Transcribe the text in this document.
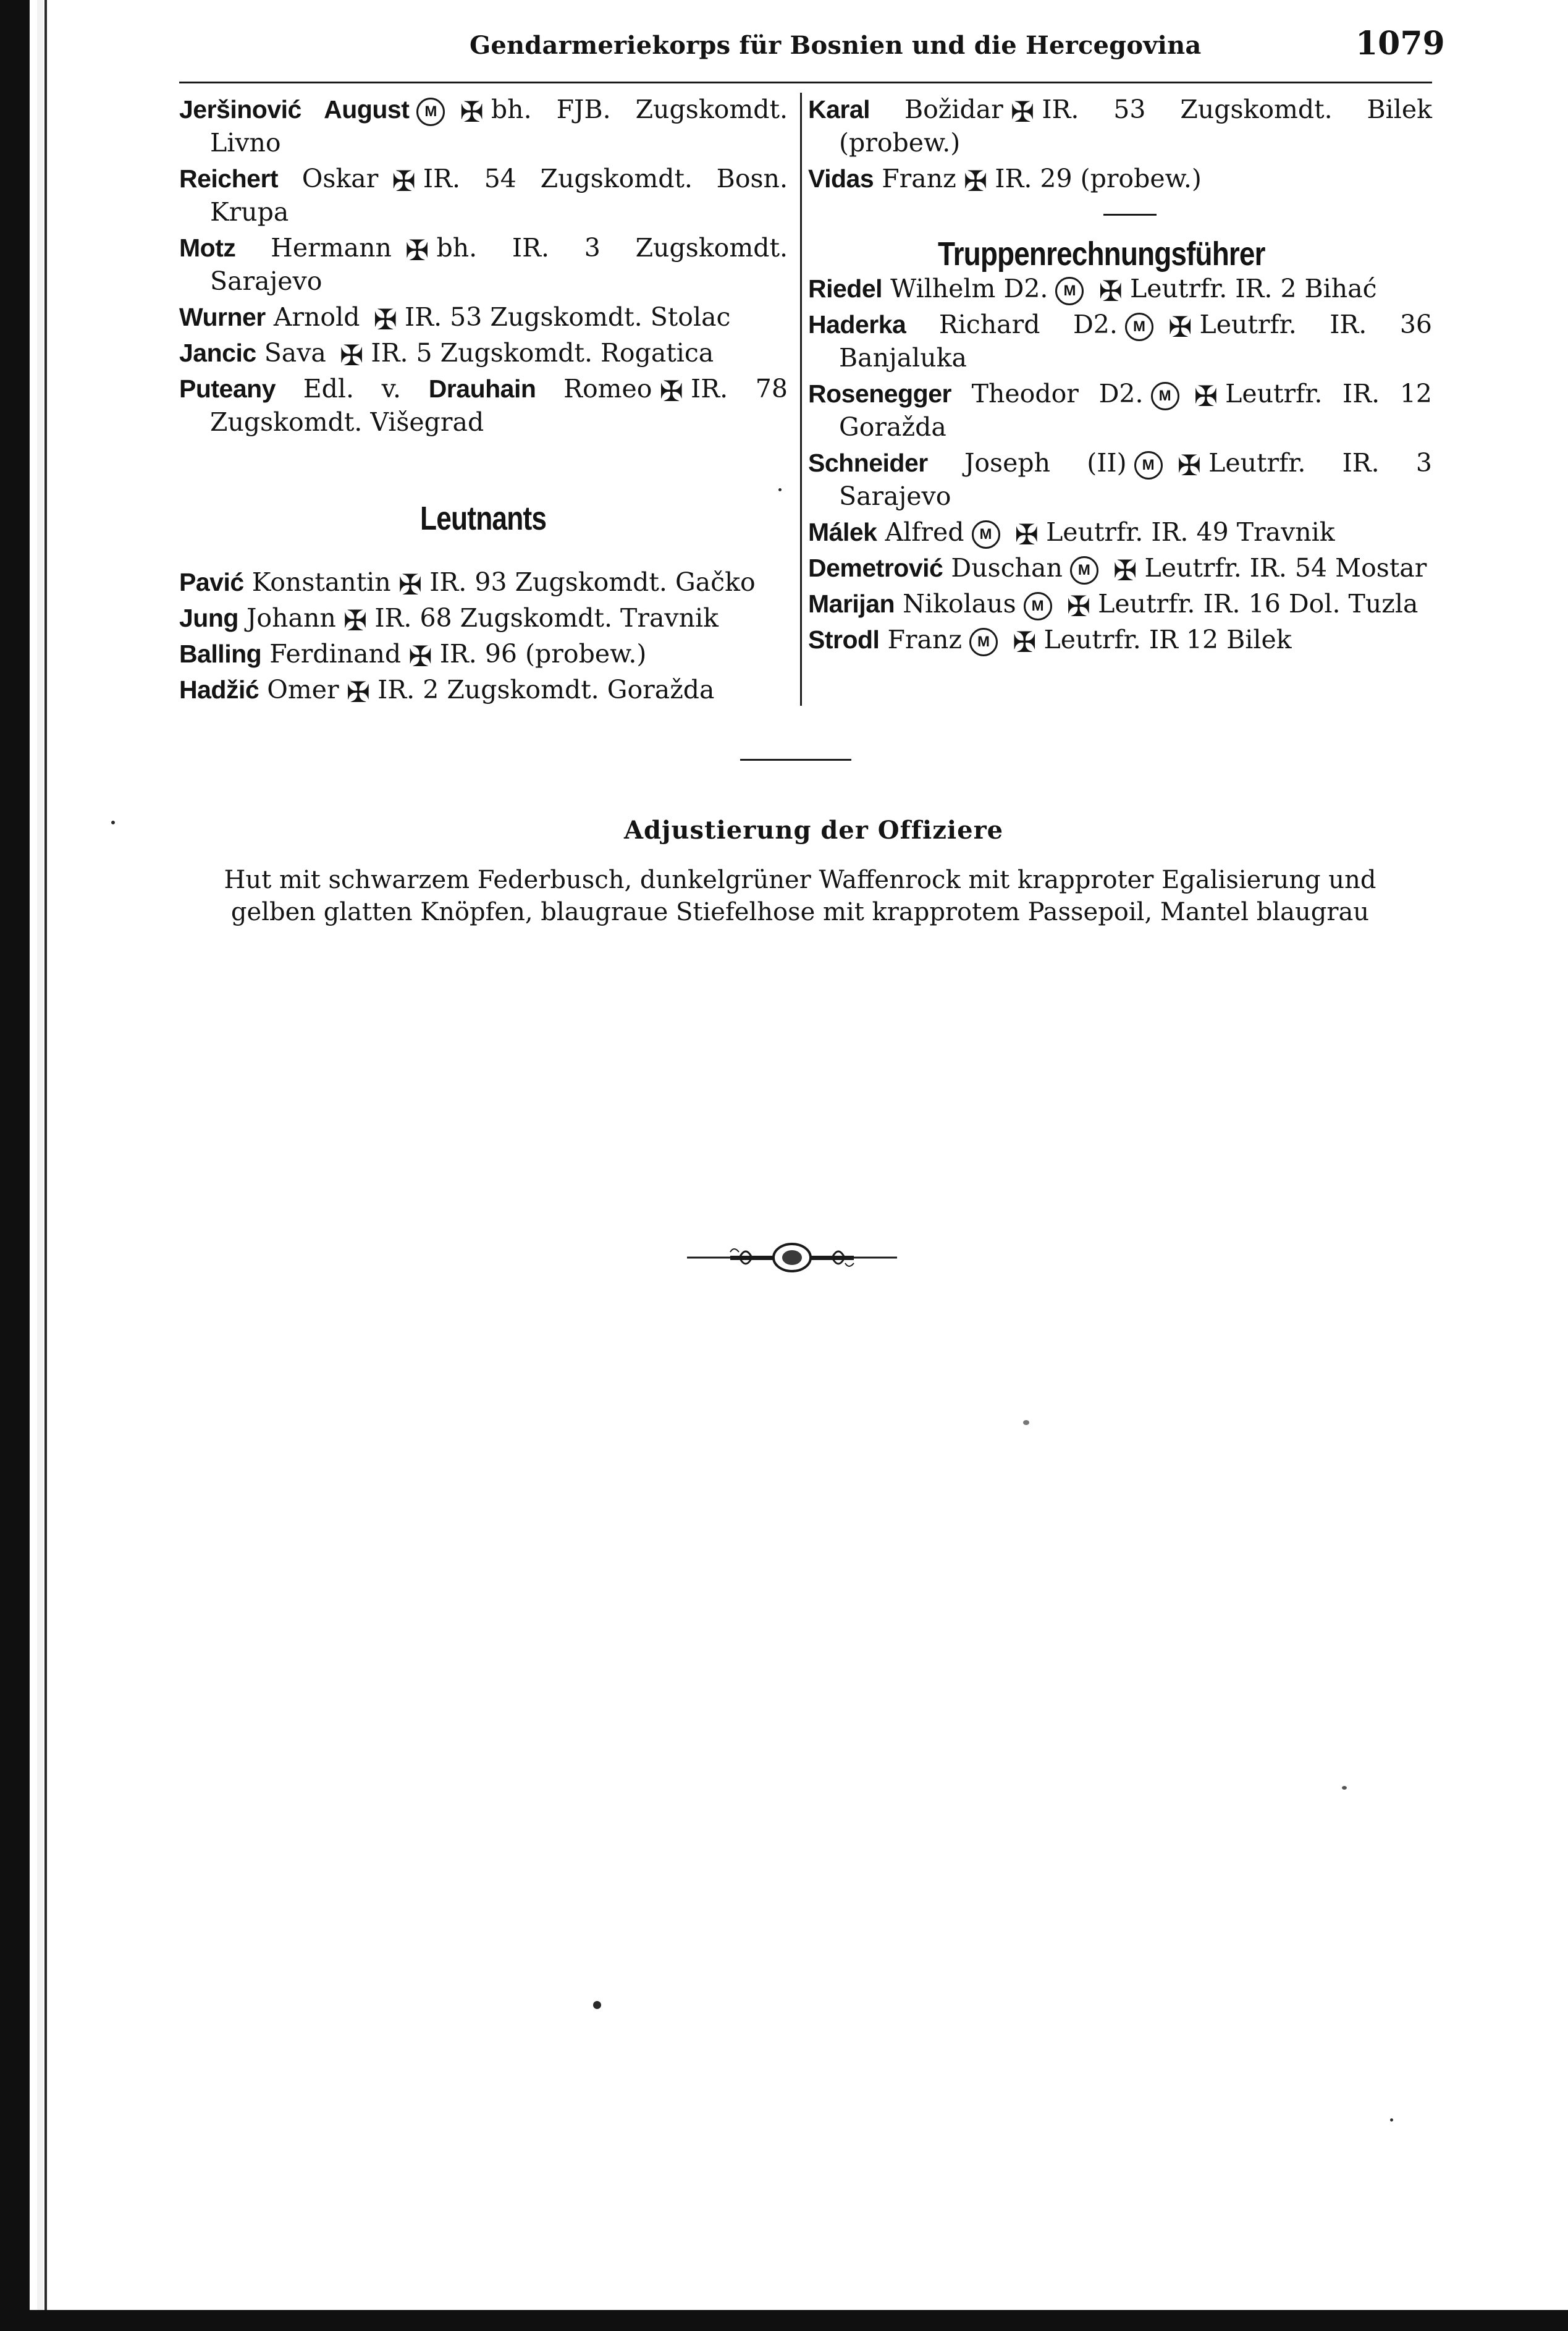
Gendarmeriekorps für Bosnien und die Hercegovina	1079
Jeršinović August M ✠ bh. FJB. Zugskomdt. Livno
Reichert Oskar ✠ IR. 54 Zugskomdt. Bosn. Krupa
Motz Hermann ✠ bh. IR. 3 Zugskomdt. Sarajevo
Wurner Arnold ✠ IR. 53 Zugskomdt. Stolac
Jancic Sava ✠ IR. 5 Zugskomdt. Rogatica
Puteany Edl. v. Drauhain Romeo ✠ IR. 78 Zugskomdt. Višegrad
Leutnants
Pavić Konstantin ✠ IR. 93 Zugskomdt. Gačko
Jung Johann ✠ IR. 68 Zugskomdt. Travnik
Balling Ferdinand ✠ IR. 96 (probew.)
Hadžić Omer ✠ IR. 2 Zugskomdt. Goražda
Karal Božidar ✠ IR. 53 Zugskomdt. Bilek (probew.)
Vidas Franz ✠ IR. 29 (probew.)
Truppenrechnungsführer
Riedel Wilhelm D2. M ✠ Leutrfr. IR. 2 Bihać
Haderka Richard D2. M ✠ Leutrfr. IR. 36 Banjaluka
Rosenegger Theodor D2. M ✠ Leutrfr. IR. 12 Goražda
Schneider Joseph (II) M ✠ Leutrfr. IR. 3 Sarajevo
Málek Alfred M ✠ Leutrfr. IR. 49 Travnik
Demetrović Duschan M ✠ Leutrfr. IR. 54 Mostar
Marijan Nikolaus M ✠ Leutrfr. IR. 16 Dol. Tuzla
Strodl Franz M ✠ Leutrfr. IR 12 Bilek
Adjustierung der Offiziere
Hut mit schwarzem Federbusch, dunkelgrüner Waffenrock mit krapproter Egalisierung und gelben glatten Knöpfen, blaugraue Stiefelhose mit krapprotem Passepoil, Mantel blaugrau
